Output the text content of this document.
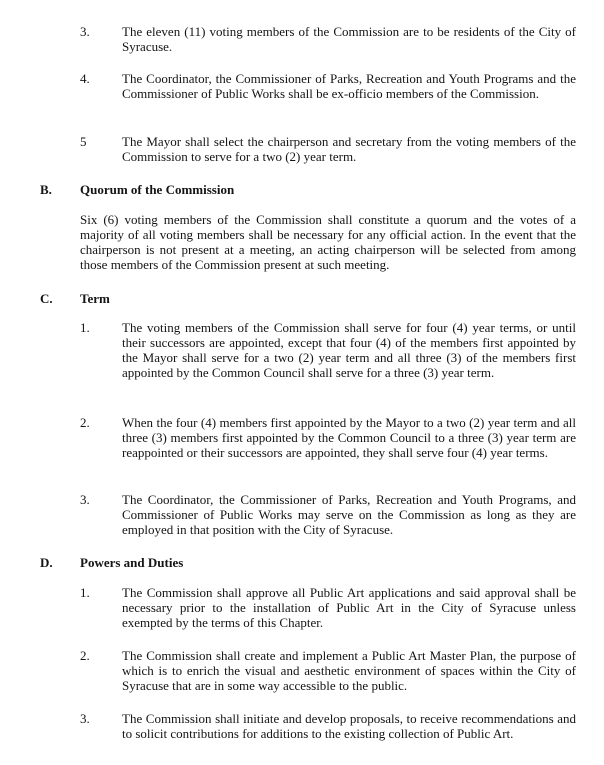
3.	The eleven (11) voting members of the Commission are to be residents of the City of Syracuse.
4.	The Coordinator, the Commissioner of Parks, Recreation and Youth Programs and the Commissioner of Public Works shall be ex-officio members of the Commission.
5	The Mayor shall select the chairperson and secretary from the voting members of the Commission to serve for a two (2) year term.
B.	Quorum of the Commission
Six (6) voting members of the Commission shall constitute a quorum and the votes of a majority of all voting members shall be necessary for any official action. In the event that the chairperson is not present at a meeting, an acting chairperson will be selected from among those members of the Commission present at such meeting.
C.	Term
1.	The voting members of the Commission shall serve for four (4) year terms, or until their successors are appointed, except that four (4) of the members first appointed by the Mayor shall serve for a two (2) year term and all three (3) of the members first appointed by the Common Council shall serve for a three (3) year term.
2.	When the four (4) members first appointed by the Mayor to a two (2) year term and all three (3) members first appointed by the Common Council to a three (3) year term are reappointed or their successors are appointed, they shall serve four (4) year terms.
3.	The Coordinator, the Commissioner of Parks, Recreation and Youth Programs, and Commissioner of Public Works may serve on the Commission as long as they are employed in that position with the City of Syracuse.
D.	Powers and Duties
1.	The Commission shall approve all Public Art applications and said approval shall be necessary prior to the installation of Public Art in the City of Syracuse unless exempted by the terms of this Chapter.
2.	The Commission shall create and implement a Public Art Master Plan, the purpose of which is to enrich the visual and aesthetic environment of spaces within the City of Syracuse that are in some way accessible to the public.
3.	The Commission shall initiate and develop proposals, to receive recommendations and to solicit contributions for additions to the existing collection of Public Art.
